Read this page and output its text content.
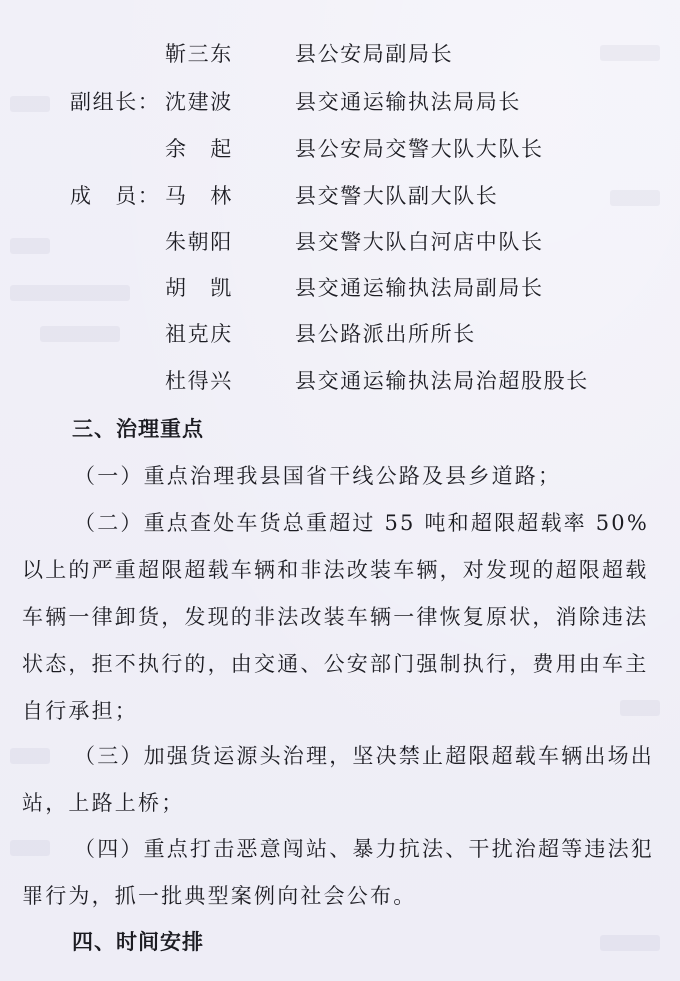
靳三东	县公安局副局长
副组长： 沈建波	县交通运输执法局局长
余　起	县公安局交警大队大队长
成　员： 马　林	县交警大队副大队长
朱朝阳	县交警大队白河店中队长
胡　凯	县交通运输执法局副局长
祖克庆	县公路派出所所长
杜得兴	县交通运输执法局治超股股长
三、治理重点

（一）重点治理我县国省干线公路及县乡道路；

（二）重点查处车货总重超过 55 吨和超限超载率 50%以上的严重超限超载车辆和非法改装车辆，对发现的超限超载车辆一律卸货，发现的非法改装车辆一律恢复原状，消除违法状态，拒不执行的，由交通、公安部门强制执行，费用由车主自行承担；

（三）加强货运源头治理，坚决禁止超限超载车辆出场出站，上路上桥；

（四）重点打击恶意闯站、暴力抗法、干扰治超等违法犯罪行为，抓一批典型案例向社会公布。

四、时间安排
